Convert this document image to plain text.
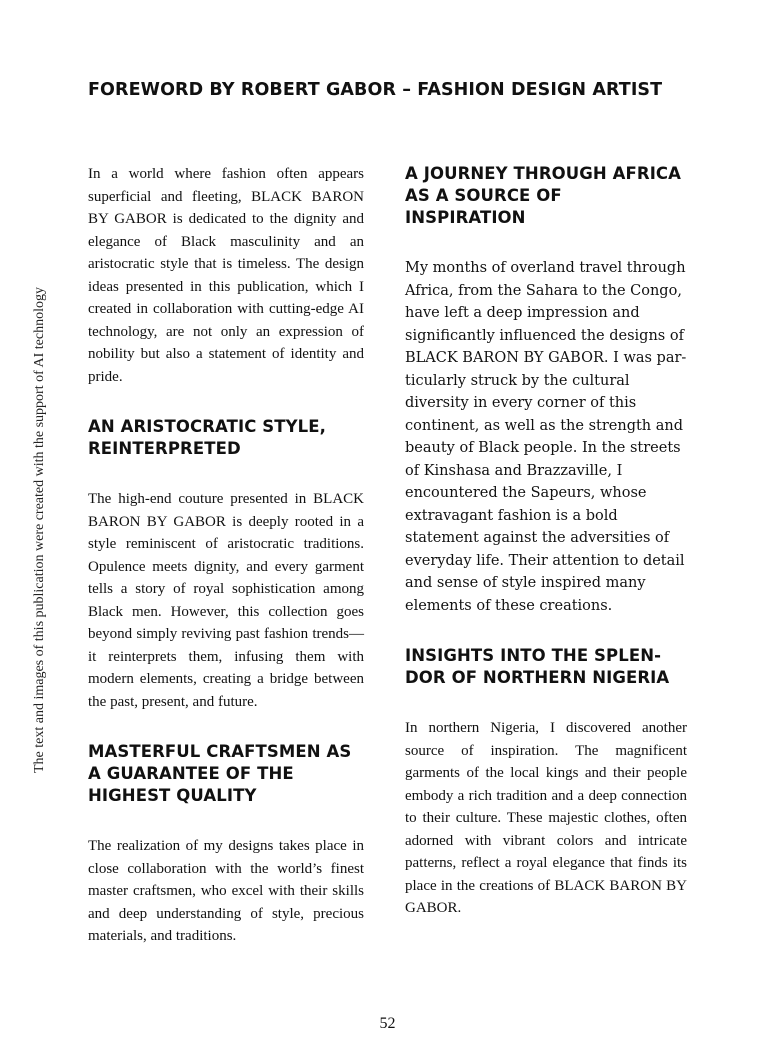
FOREWORD BY ROBERT GABOR – FASHION DESIGN ARTIST
The text and images of this publication were created with the support of AI technology

In a world where fashion often appears superficial and fleeting, BLACK BARON BY GABOR is dedicated to the dignity and elegance of Black masculinity and an aristocratic style that is timeless. The design ideas presented in this publication, which I created in collaboration with cutting-edge AI technology, are not only an expression of nobility but also a statement of identity and pride.

AN ARISTOCRATIC STYLE, REINTERPRETED

The high-end couture presented in BLACK BARON BY GABOR is deeply rooted in a style reminiscent of aristocratic traditions. Opulence meets dignity, and every garment tells a story of royal sophistication among Black men. However, this collection goes beyond simply reviving past fashion trends—it reinterprets them, infusing them with modern elements, creating a bridge between the past, present, and future.

MASTERFUL CRAFTSMEN AS A GUARANTEE OF THE HIGHEST QUALITY

The realization of my designs takes place in close collaboration with the world’s finest master craftsmen, who excel with their skills and deep understanding of style, precious materials, and traditions.

A JOURNEY THROUGH AFRICA AS A SOURCE OF INSPIRATION

My months of overland travel through Africa, from the Sahara to the Congo, have left a deep impression and significantly influenced the designs of BLACK BARON BY GABOR. I was particularly struck by the cultural diversity in every corner of this continent, as well as the strength and beauty of Black people. In the streets of Kinshasa and Brazzaville, I encountered the Sapeurs, whose extravagant fashion is a bold statement against the adversities of everyday life. Their attention to detail and sense of style inspired many elements of these creations.

INSIGHTS INTO THE SPLEN-DOR OF NORTHERN NIGERIA

In northern Nigeria, I discovered another source of inspiration. The magnificent garments of the local kings and their people embody a rich tradition and a deep connection to their culture. These majestic clothes, often adorned with vibrant colors and intricate patterns, reflect a royal elegance that finds its place in the creations of BLACK BARON BY GABOR.

52
